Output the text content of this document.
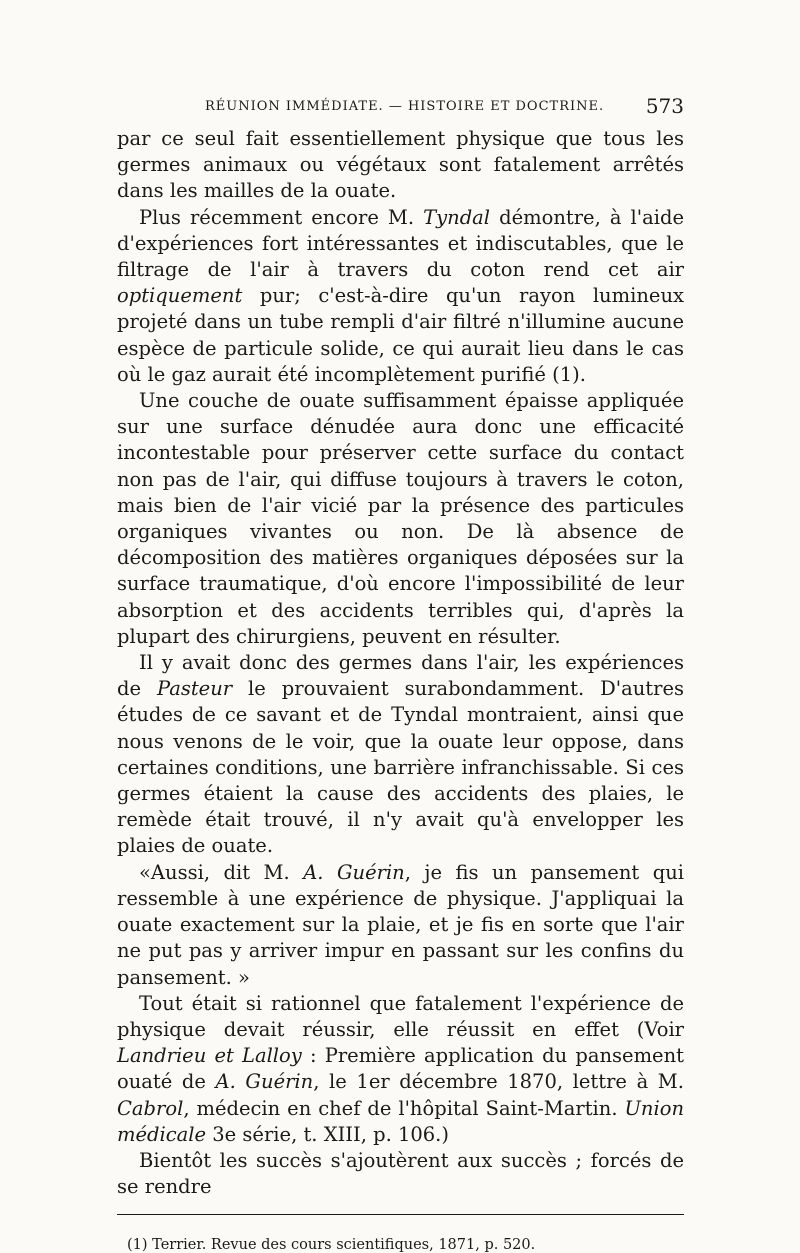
RÉUNION IMMÉDIATE. — HISTOIRE ET DOCTRINE. 573

par ce seul fait essentiellement physique que tous les germes animaux ou végétaux sont fatalement arrêtés dans les mailles de la ouate.

Plus récemment encore M. Tyndal démontre, à l'aide d'expériences fort intéressantes et indiscutables, que le filtrage de l'air à travers du coton rend cet air optiquement pur; c'est-à-dire qu'un rayon lumineux projeté dans un tube rempli d'air filtré n'illumine aucune espèce de particule solide, ce qui aurait lieu dans le cas où le gaz aurait été incomplètement purifié (1).

Une couche de ouate suffisamment épaisse appliquée sur une surface dénudée aura donc une efficacité incontestable pour préserver cette surface du contact non pas de l'air, qui diffuse toujours à travers le coton, mais bien de l'air vicié par la présence des particules organiques vivantes ou non. De là absence de décomposition des matières organiques déposées sur la surface traumatique, d'où encore l'impossibilité de leur absorption et des accidents terribles qui, d'après la plupart des chirurgiens, peuvent en résulter.

Il y avait donc des germes dans l'air, les expériences de Pasteur le prouvaient surabondamment. D'autres études de ce savant et de Tyndal montraient, ainsi que nous venons de le voir, que la ouate leur oppose, dans certaines conditions, une barrière infranchissable. Si ces germes étaient la cause des accidents des plaies, le remède était trouvé, il n'y avait qu'à envelopper les plaies de ouate.

«Aussi, dit M. A. Guérin, je fis un pansement qui ressemble à une expérience de physique. J'appliquai la ouate exactement sur la plaie, et je fis en sorte que l'air ne put pas y arriver impur en passant sur les confins du pansement. »

Tout était si rationnel que fatalement l'expérience de physique devait réussir, elle réussit en effet (Voir Landrieu et Lalloy : Première application du pansement ouaté de A. Guérin, le 1er décembre 1870, lettre à M. Cabrol, médecin en chef de l'hôpital Saint-Martin. Union médicale 3e série, t. XIII, p. 106.)

Bientôt les succès s'ajoutèrent aux succès ; forcés de se rendre

(1) Terrier. Revue des cours scientifiques, 1871, p. 520.
